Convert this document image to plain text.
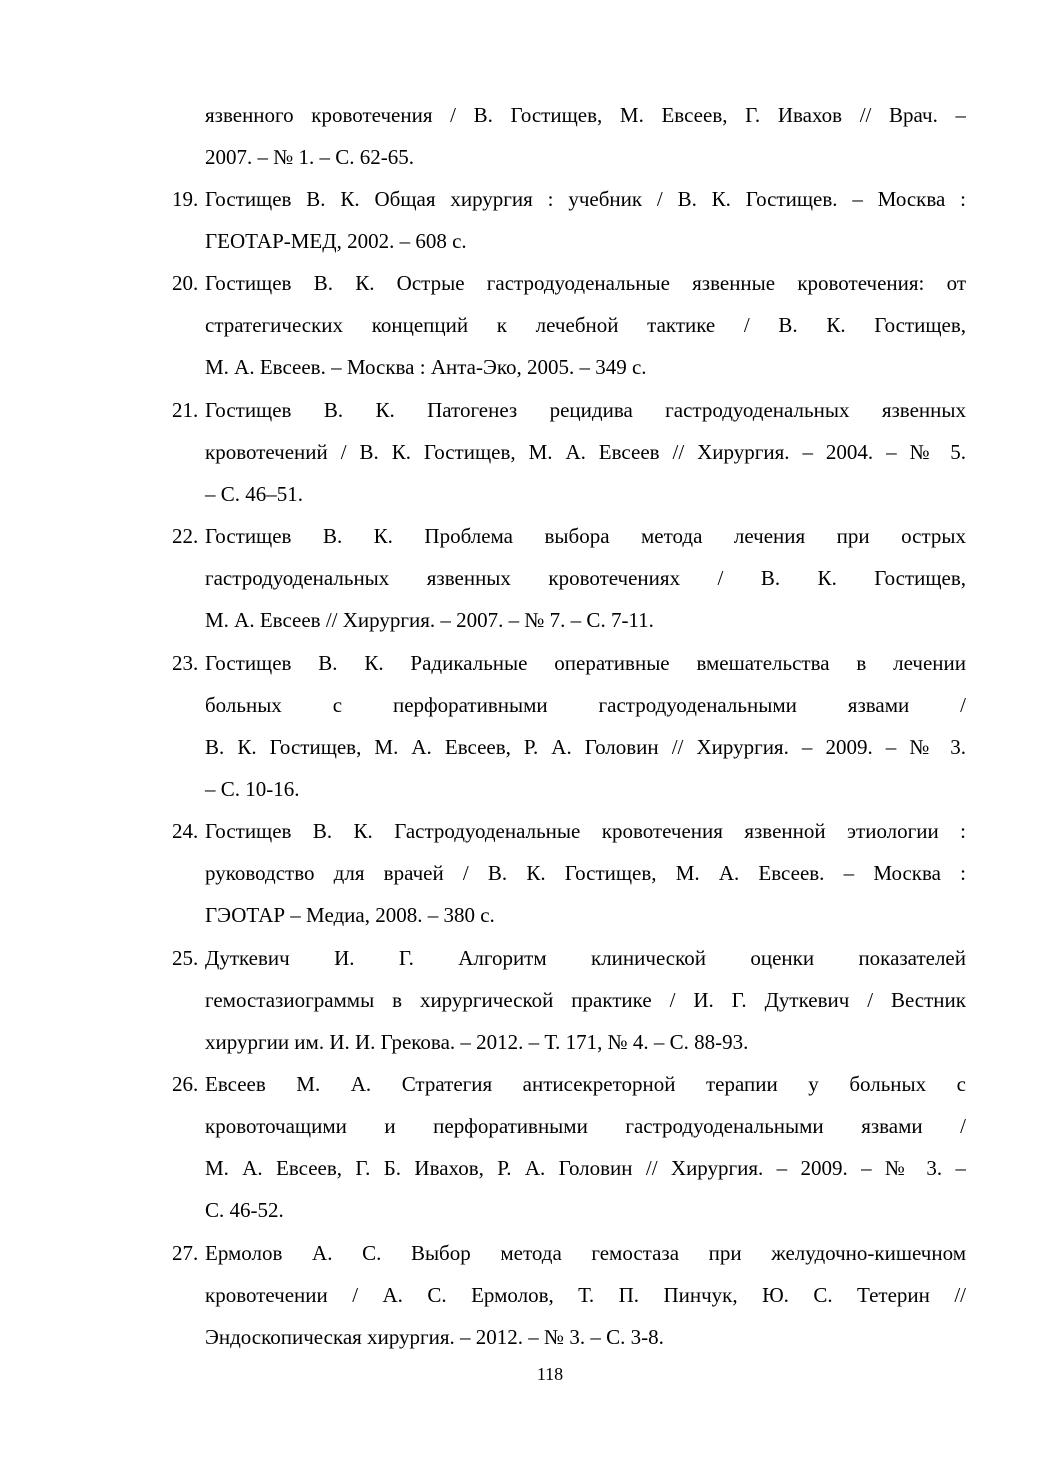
язвенного кровотечения / В. Гостищев, М. Евсеев, Г. Ивахов // Врач. –
2007. – № 1. – С. 62-65.
19. Гостищев В. К. Общая хирургия : учебник / В. К. Гостищев. – Москва :
ГЕОТАР-МЕД, 2002. – 608 с.
20. Гостищев В. К. Острые гастродуоденальные язвенные кровотечения: от
стратегических концепций к лечебной тактике / В. К. Гостищев,
М. А. Евсеев. – Москва : Анта-Эко, 2005. – 349 с.
21. Гостищев В. К. Патогенез рецидива гастродуоденальных язвенных
кровотечений / В. К. Гостищев, М. А. Евсеев // Хирургия. – 2004. – № 5.
– С. 46–51.
22. Гостищев В. К. Проблема выбора метода лечения при острых
гастродуоденальных язвенных кровотечениях / В. К. Гостищев,
М. А. Евсеев // Хирургия. – 2007. – № 7. – С. 7-11.
23. Гостищев В. К. Радикальные оперативные вмешательства в лечении
больных с перфоративными гастродуоденальными язвами /
В. К. Гостищев, М. А. Евсеев, Р. А. Головин // Хирургия. – 2009. – № 3.
– С. 10-16.
24. Гостищев В. К. Гастродуоденальные кровотечения язвенной этиологии :
руководство для врачей / В. К. Гостищев, М. А. Евсеев. – Москва :
ГЭОТАР – Медиа, 2008. – 380 с.
25. Дуткевич И. Г. Алгоритм клинической оценки показателей
гемостазиограммы в хирургической практике / И. Г. Дуткевич / Вестник
хирургии им. И. И. Грекова. – 2012. – Т. 171, № 4. – С. 88-93.
26. Евсеев М. А. Стратегия антисекреторной терапии у больных с
кровоточащими и перфоративными гастродуоденальными язвами /
М. А. Евсеев, Г. Б. Ивахов, Р. А. Головин // Хирургия. – 2009. – № 3. –
С. 46-52.
27. Ермолов А. С. Выбор метода гемостаза при желудочно-кишечном
кровотечении / А. С. Ермолов, Т. П. Пинчук, Ю. С. Тетерин //
Эндоскопическая хирургия. – 2012. – № 3. – С. 3-8.
118
